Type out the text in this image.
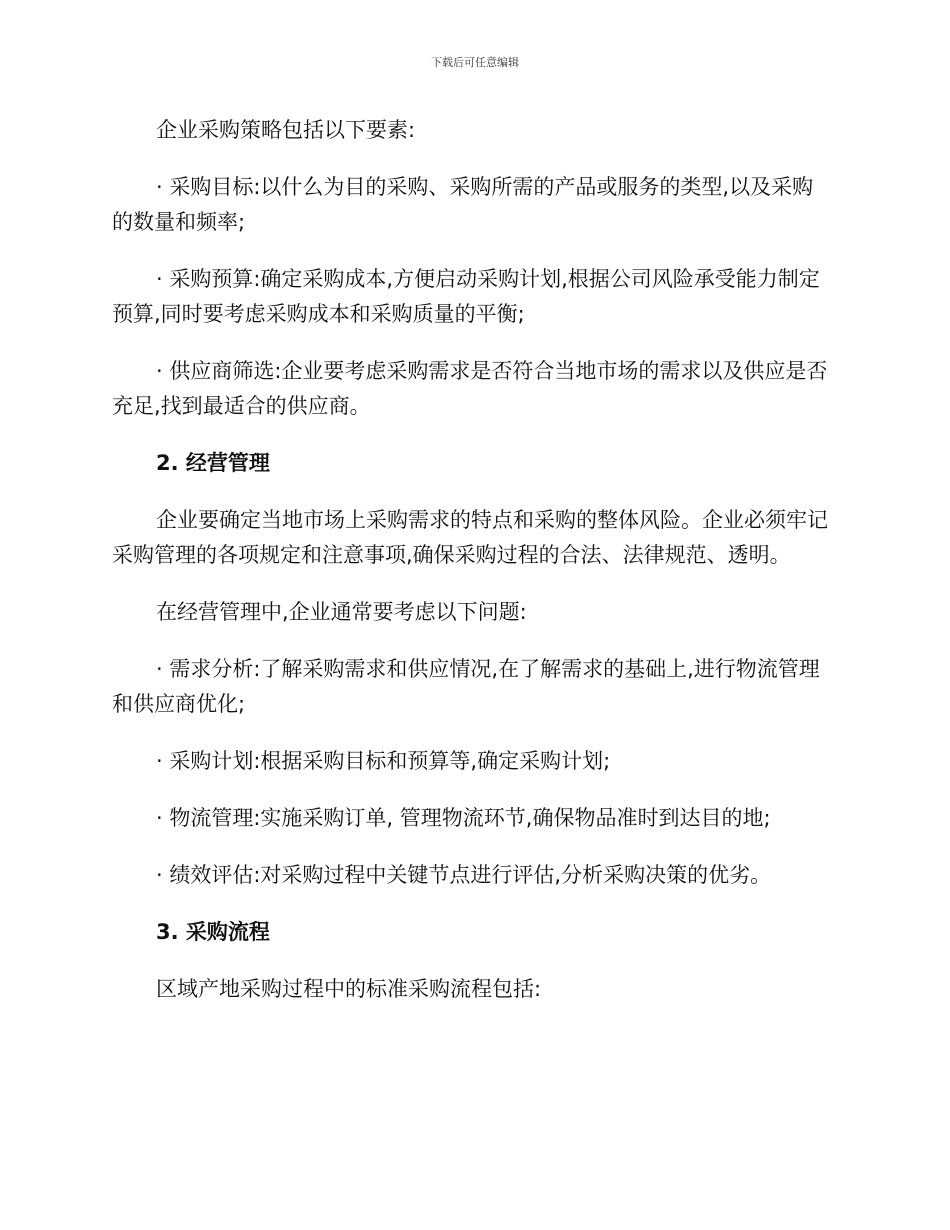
下载后可任意编辑

企业采购策略包括以下要素:

· 采购目标:以什么为目的采购、采购所需的产品或服务的类型,以及采购的数量和频率;

· 采购预算:确定采购成本,方便启动采购计划,根据公司风险承受能力制定预算,同时要考虑采购成本和采购质量的平衡;

· 供应商筛选:企业要考虑采购需求是否符合当地市场的需求以及供应是否充足,找到最适合的供应商。

2. 经营管理

企业要确定当地市场上采购需求的特点和采购的整体风险。企业必须牢记采购管理的各项规定和注意事项,确保采购过程的合法、法律规范、透明。

在经营管理中,企业通常要考虑以下问题:

· 需求分析:了解采购需求和供应情况,在了解需求的基础上,进行物流管理和供应商优化;

· 采购计划:根据采购目标和预算等,确定采购计划;

· 物流管理:实施采购订单, 管理物流环节,确保物品准时到达目的地;

· 绩效评估:对采购过程中关键节点进行评估,分析采购决策的优劣。

3. 采购流程

区域产地采购过程中的标准采购流程包括:
